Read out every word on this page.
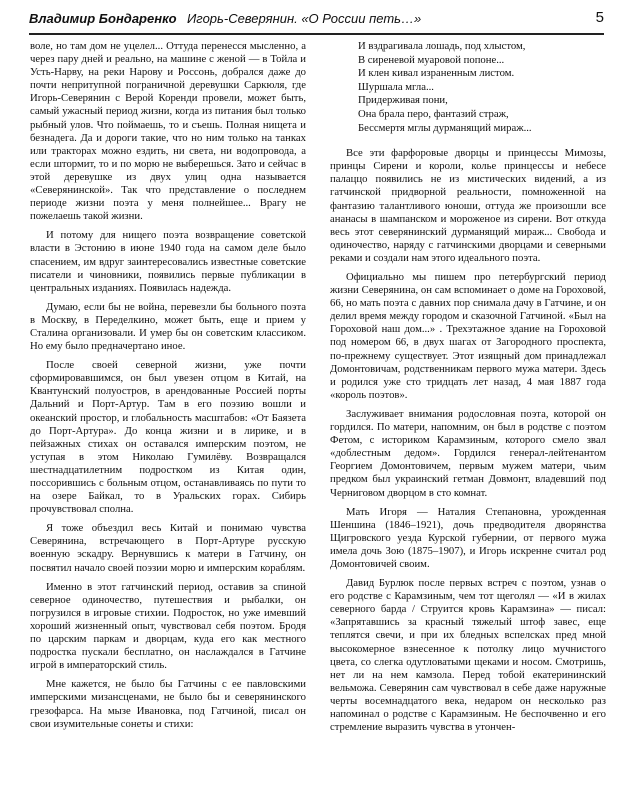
Владимир Бондаренко Игорь-Северянин. «О России петь…»	5

воле, но там дом не уцелел... Оттуда перенесся мысленно, а через пару дней и реально, на машине с женой — в Тойла и Усть-Нарву, на реки Нарову и Россонь, добрался даже до почти непритупной пограничной деревушки Саркюля, где Игорь-Северянин с Верой Коренди провели, может быть, самый ужасный период жизни, когда из питания был только рыбный улов. Что поймаешь, то и съешь. Полная нищета и безнадега. Да и дороги такие, что но ним только на танках или тракторах можно ездить, ни света, ни водопровода, а если штормит, то и по морю не выберешься. Зато и сейчас в этой деревушке из двух улиц одна называется «Северянинской». Так что представление о последнем периоде жизни поэта у меня полнейшее... Врагу не пожелаешь такой жизни.

И потому для нищего поэта возвращение советской власти в Эстонию в июне 1940 года на самом деле было спасением, им вдруг заинтересовались известные советские писатели и чиновники, появились первые публикации в центральных изданиях. Появилась надежда.

Думаю, если бы не война, перевезли бы больного поэта в Москву, в Переделкино, может быть, еще и прием у Сталина организовали. И умер бы он советским классиком. Но ему было предначертано иное.

После своей северной жизни, уже почти сформировавшимся, он был увезен отцом в Китай, на Квантунский полуостров, в арендованные Россией порты Дальний и Порт-Артур. Там в его поэзию вошли и океанский простор, и глобальность масштабов: «От Баязета до Порт-Артура». До конца жизни и в лирике, и в пейзажных стихах он оставался имперским поэтом, не уступая в этом Николаю Гумилёву. Возвращался шестнадцатилетним подростком из Китая один, поссорившись с больным отцом, останавливаясь по пути то на озере Байкал, то в Уральских горах. Сибирь прочувствовал сполна.

Я тоже объездил весь Китай и понимаю чувства Северянина, встречающего в Порт-Артуре русскую военную эскадру. Вернувшись к матери в Гатчину, он посвятил начало своей поэзии морю и имперским кораблям.

Именно в этот гатчинский период, оставив за спиной северное одиночество, путешествия и рыбалки, он погрузился в игровые стихии. Подросток, но уже имевший хороший жизненный опыт, чувствовал себя поэтом. Бродя по царским паркам и дворцам, куда его как местного подростка пускали бесплатно, он наслаждался в Гатчине игрой в императорский стиль.

Мне кажется, не было бы Гатчины с ее павловскими имперскими мизансценами, не было бы и северянинского грезофарса. На мызе Ивановка, под Гатчиной, писал он свои изумительные сонеты и стихи:

И вздрагивала лошадь, под хлыстом,
В сиреневой муаровой попоне...
И клен кивал израненным листом.
Шуршала мгла...
Придерживая пони,
Она брала перо, фантазий страж,
Бессмертя мглы дурманящий мираж...

Все эти фарфоровые дворцы и принцессы Мимозы, принцы Сирени и короли, колье принцессы и небесе палаццо появились не из мистических видений, а из гатчинской придворной реальности, помноженной на фантазию талантливого юноши, оттуда же произошли все ананасы в шампанском и мороженое из сирени. Вот откуда весь этот северянинский дурманящий мираж... Свобода и одиночество, наряду с гатчинскими дворцами и северными реками и создали нам этого идеального поэта.

Официально мы пишем про петербургский период жизни Северянина, он сам вспоминает о доме на Гороховой, 66, но мать поэта с давних пор снимала дачу в Гатчине, и он делил время между городом и сказочной Гатчиной. «Был на Гороховой наш дом...» . Трехэтажное здание на Гороховой под номером 66, в двух шагах от Загородного проспекта, по-прежнему существует. Этот изящный дом принадлежал Домонтовичам, родственникам первого мужа матери. Здесь и родился уже сто тридцать лет назад, 4 мая 1887 года «король поэтов».

Заслуживает внимания родословная поэта, которой он гордился. По матери, напомним, он был в родстве с поэтом Фетом, с историком Карамзиным, которого смело звал «доблестным дедом». Гордился генерал-лейтенантом Георгием Домонтовичем, первым мужем матери, чьим предком был украинский гетман Довмонт, владевший под Черниговом дворцом в сто комнат.

Мать Игоря — Наталия Степановна, урожденная Шеншина (1846–1921), дочь предводителя дворянства Щигровского уезда Курской губернии, от первого мужа имела дочь Зою (1875–1907), и Игорь искренне считал род Домонтовичей своим.

Давид Бурлюк после первых встреч с поэтом, узнав о его родстве с Карамзиным, чем тот щеголял — «И в жилах северного барда / Струится кровь Карамзина» — писал: «Запрятавшись за красный тяжелый штоф завес, еще теплятся свечи, и при их бледных вспелсках пред мной высокомерное взнесенное к потолку лицо мучнистого цвета, со слегка одутловатыми щеками и носом. Смотришь, нет ли на нем камзола. Перед тобой екатерининский вельможа. Северянин сам чувствовал в себе даже наружные черты восемнадцатого века, недаром он несколько раз напоминал о родстве с Карамзиным. Не беспочвенно и его стремление выразить чувства в утончен-
